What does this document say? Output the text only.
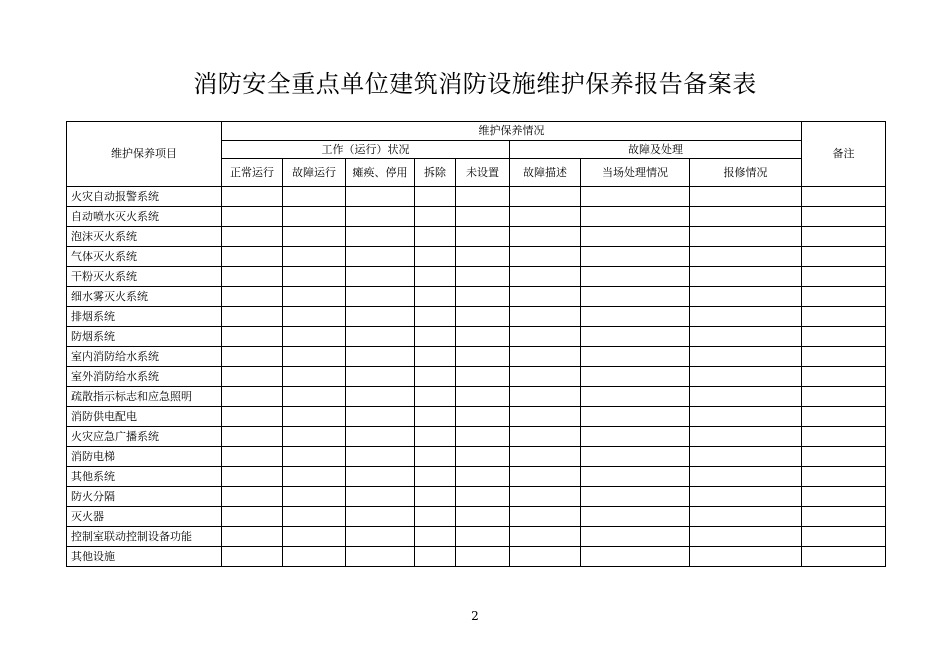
消防安全重点单位建筑消防设施维护保养报告备案表
维护保养项目	维护保养情况								备注
	工作（运行）状况					故障及处理			
	正常运行	故障运行	瘫痪、停用	拆除	未设置	故障描述	当场处理情况	报修情况	
火灾自动报警系统									
自动喷水灭火系统									
泡沫灭火系统									
气体灭火系统									
干粉灭火系统									
细水雾灭火系统									
排烟系统									
防烟系统									
室内消防给水系统									
室外消防给水系统									
疏散指示标志和应急照明									
消防供电配电									
火灾应急广播系统									
消防电梯									
其他系统									
防火分隔									
灭火器									
控制室联动控制设备功能									
其他设施									
2
